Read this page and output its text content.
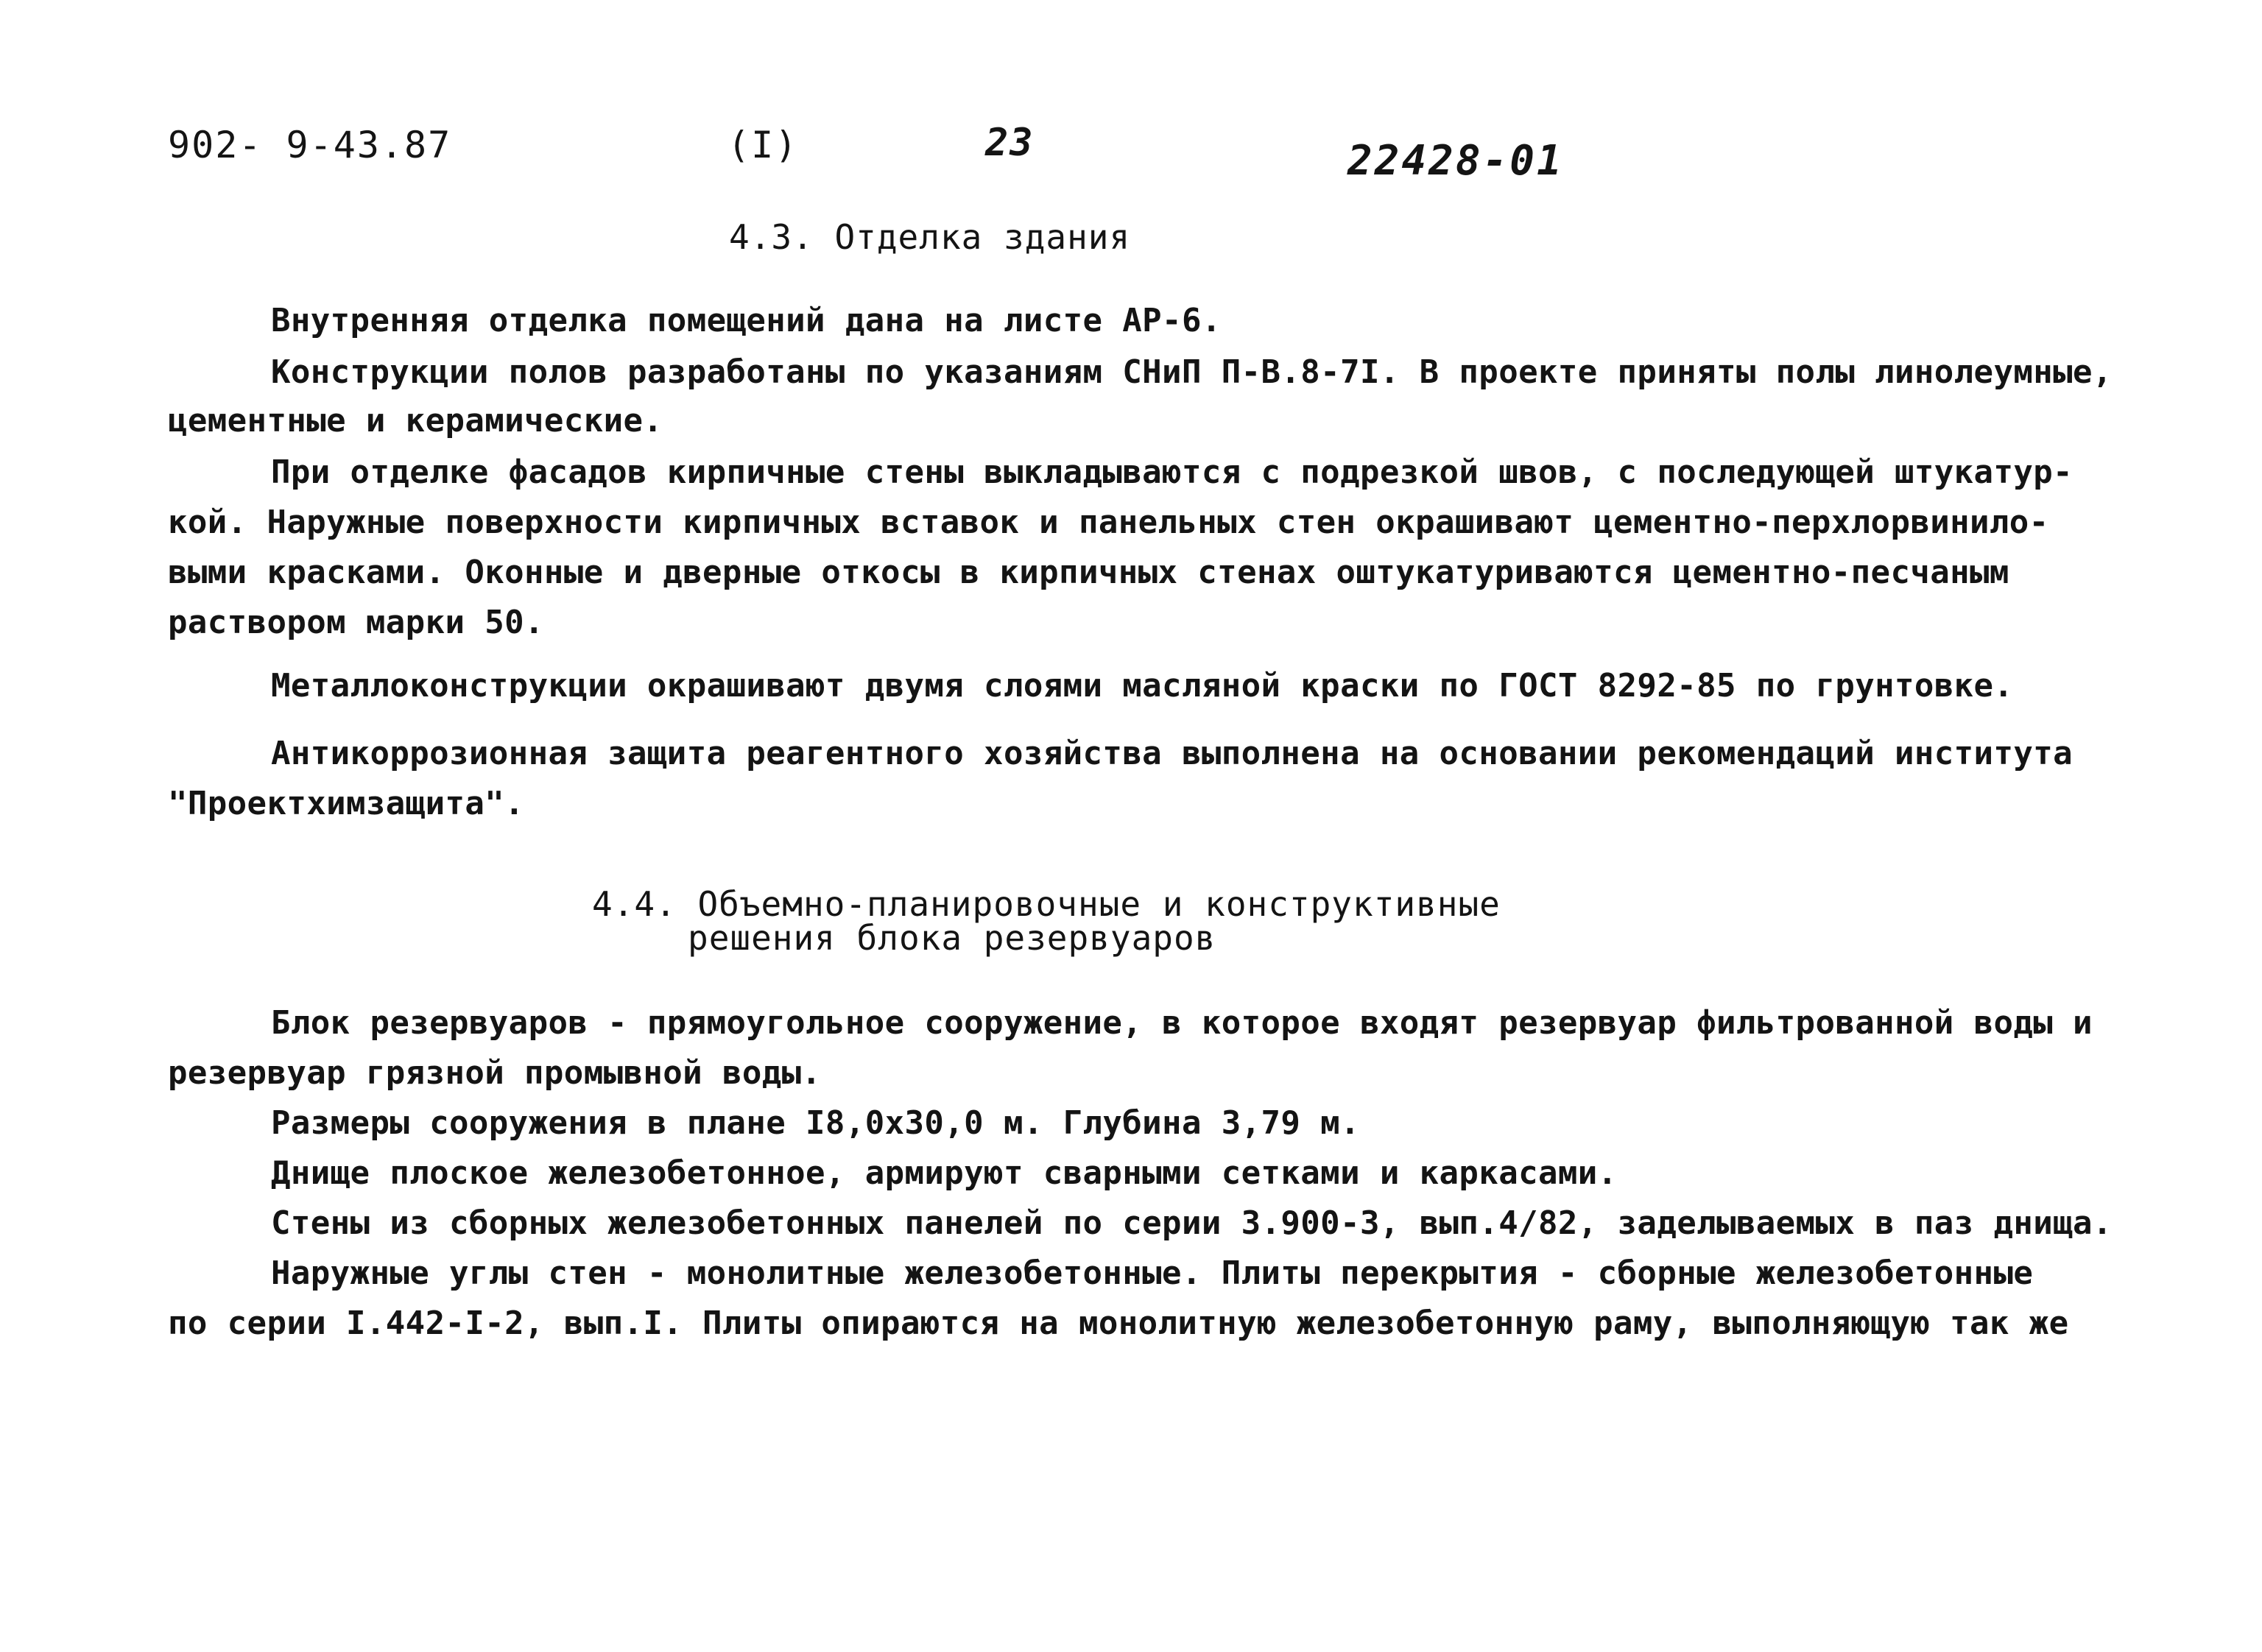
902- 9-43.87	(I)	23	22428-01
4.3. Отделка здания
Внутренняя отделка помещений дана на листе АР-6.
Конструкции полов разработаны по указаниям СНиП П-В.8-7I. В проекте приняты полы линолеумные,
цементные и керамические.
При отделке фасадов кирпичные стены выкладываются с подрезкой швов, с последующей штукатур-
кой. Наружные поверхности кирпичных вставок и панельных стен окрашивают цементно-перхлорвинило-
выми красками. Оконные и дверные откосы в кирпичных стенах оштукатуриваются цементно-песчаным
раствором марки 50.
Металлоконструкции окрашивают двумя слоями масляной краски по ГОСТ 8292-85 по грунтовке.
Антикоррозионная защита реагентного хозяйства выполнена на основании рекомендаций института
"Проектхимзащита".
4.4. Объемно-планировочные и конструктивные
решения блока резервуаров
Блок резервуаров - прямоугольное сооружение, в которое входят резервуар фильтрованной воды и
резервуар грязной промывной воды.
Размеры сооружения в плане I8,0х30,0 м. Глубина 3,79 м.
Днище плоское железобетонное, армируют сварными сетками и каркасами.
Стены из сборных железобетонных панелей по серии 3.900-3, вып.4/82, заделываемых в паз днища.
Наружные углы стен - монолитные железобетонные. Плиты перекрытия - сборные железобетонные
по серии I.442-I-2, вып.I. Плиты опираются на монолитную железобетонную раму, выполняющую так же
